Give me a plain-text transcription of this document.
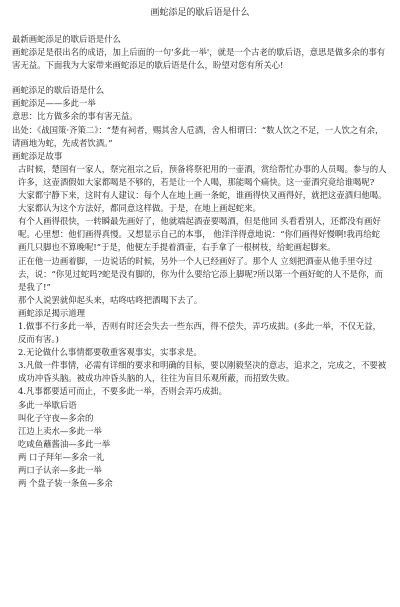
画蛇添足的歇后语是什么
最新画蛇添足的歇后语是什么
画蛇添足是很出名的成语，加上后面的一句'多此一举'，就是一个古老的歇后语，意思是做多余的事有害无益。下面我为大家带来画蛇添足的歇后语是什么，盼望对您有所关心!
画蛇添足的歇后语是什么
画蛇添足——多此一举
意思：比方做多余的事有害无益。
出处：《战国策·齐策二》：“楚有祠者，赐其舍人卮酒，舍人相谓曰：“数人饮之不足，一人饮之有余，请画地为蛇，先成者饮酒。”
画蛇添足故事
古时候，楚国有一家人，祭完祖宗之后，预备将祭祀用的一壶酒，赏给帮忙办事的人员喝。参与的人许多，这壶酒假如大家都喝是不够的，若是让一个人喝，那能喝个痛快。这一壶酒究竟给谁喝呢?
大家都宁静下来，这时有人建议：每个人在地上画一条蛇，谁画得快又画得好，就把这壶酒归他喝。大家都认为这个方法好，都同意这样做。于是，在地上画起蛇来。
有个人画得很快，一转瞬最先画好了，他就端起酒壶要喝酒，但是他回 头看看别人，还都没有画好呢。心里想：他们画得真慢。又想显示自己的本事， 他洋洋得意地说：“你们画得好慢啊!我再给蛇画几只脚也不算晚呢!”于是，他便左手提着酒壶，右手拿了一根树枝，给蛇画起脚来。
正在他一边画着脚，一边说话的时候，另外一个人已经画好了。那个人 立刻把酒壶从他手里夺过去，说：“你见过蛇吗?蛇是没有脚的，你为什么要给它添上脚呢?所以第一个画好蛇的人不是你，而是我了!”
那个人说罢就仰起头来，咕咚咕咚把酒喝下去了。
画蛇添足揭示道理
1.做事不行多此一举，否则有时还会失去一些东西，得不偿失，弄巧成拙。(多此一举，不仅无益，反而有害。)
2.无论做什么事情都要敬重客观事实，实事求是。
3.凡做一件事情，必需有详细的要求和明确的目标，要以刚毅坚决的意志，追求之，完成之，不要被成功冲昏头脑。被成功冲昏头脑的人，往往为盲目乐观所蔽，而招致失败。
4.凡事都要适可而止，不要多此一举，否则会弄巧成拙。
多此一举歇后语
叫化子守夜—多余的
江边上卖水—多此一举
吃咸鱼蘸酱油—多此一举
两 口子拜年—多余一礼
两口子认亲—多此一举
两 个盘子装一条鱼—多余
